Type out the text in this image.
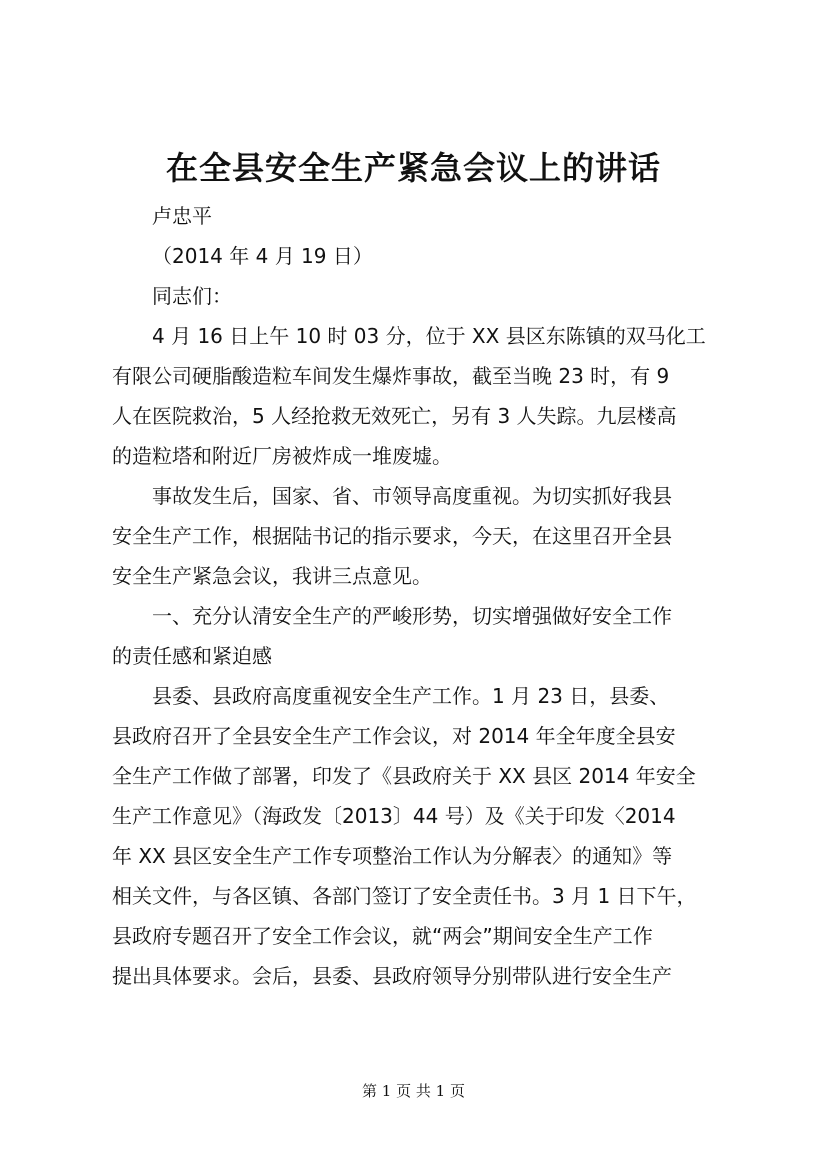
在全县安全生产紧急会议上的讲话
卢忠平
（2014 年 4 月 19 日）
同志们：
4 月 16 日上午 10 时 03 分，位于 XX 县区东陈镇的双马化工
有限公司硬脂酸造粒车间发生爆炸事故，截至当晚 23 时，有 9
人在医院救治，5 人经抢救无效死亡，另有 3 人失踪。九层楼高
的造粒塔和附近厂房被炸成一堆废墟。
事故发生后，国家、省、市领导高度重视。为切实抓好我县
安全生产工作，根据陆书记的指示要求，今天，在这里召开全县
安全生产紧急会议，我讲三点意见。
一、充分认清安全生产的严峻形势，切实增强做好安全工作
的责任感和紧迫感
县委、县政府高度重视安全生产工作。1 月 23 日，县委、
县政府召开了全县安全生产工作会议，对 2014 年全年度全县安
全生产工作做了部署，印发了《县政府关于 XX 县区 2014 年安全
生产工作意见》（海政发〔2013〕44 号）及《关于印发〈2014
年 XX 县区安全生产工作专项整治工作认为分解表〉的通知》等
相关文件，与各区镇、各部门签订了安全责任书。3 月 1 日下午，
县政府专题召开了安全工作会议，就“两会”期间安全生产工作
提出具体要求。会后，县委、县政府领导分别带队进行安全生产
第 1 页 共 1 页
